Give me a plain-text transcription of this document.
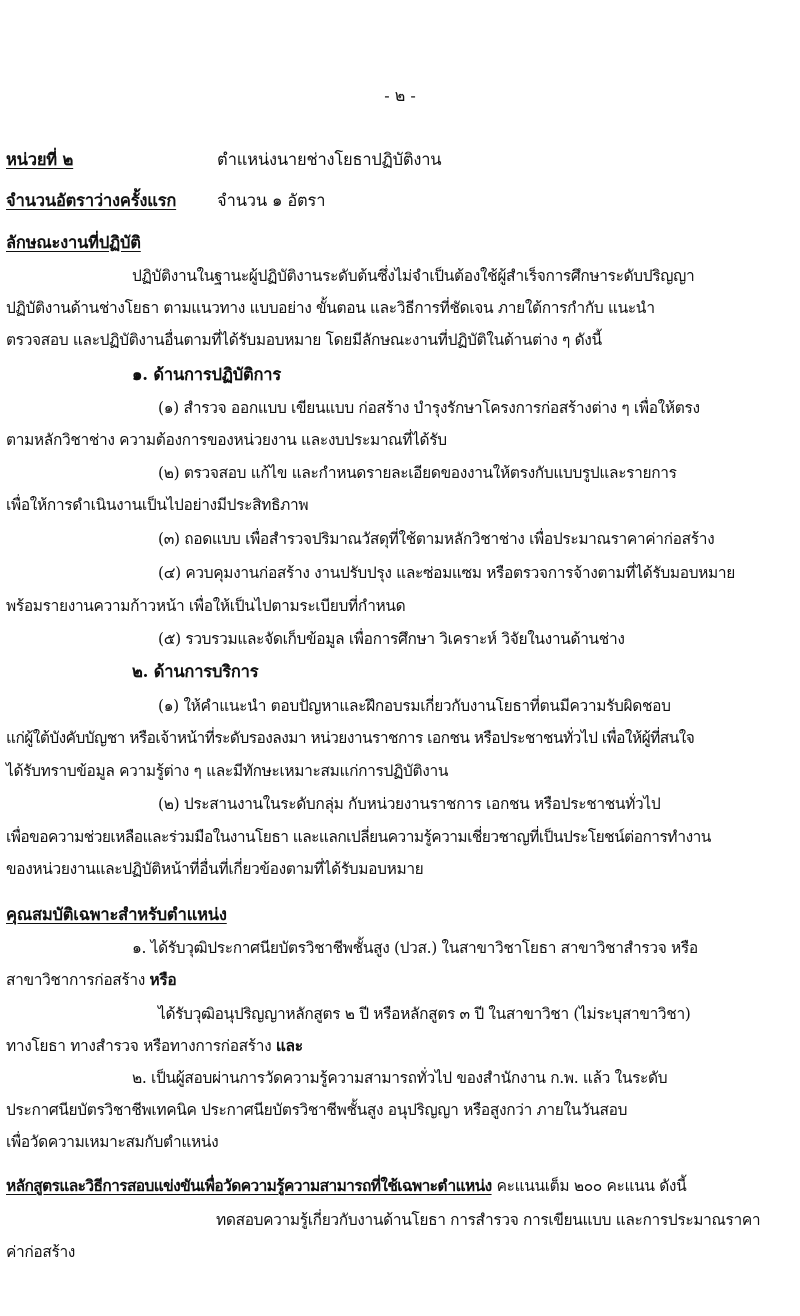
- ๒ -
หน่วยที่ ๒	ตำแหน่งนายช่างโยธาปฏิบัติงาน
จำนวนอัตราว่างครั้งแรก จำนวน ๑ อัตรา
ลักษณะงานที่ปฏิบัติ
ปฏิบัติงานในฐานะผู้ปฏิบัติงานระดับต้นซึ่งไม่จำเป็นต้องใช้ผู้สำเร็จการศึกษาระดับปริญญา
ปฏิบัติงานด้านช่างโยธา ตามแนวทาง แบบอย่าง ขั้นตอน และวิธีการที่ชัดเจน ภายใต้การกำกับ แนะนำ
ตรวจสอบ และปฏิบัติงานอื่นตามที่ได้รับมอบหมาย โดยมีลักษณะงานที่ปฏิบัติในด้านต่าง ๆ ดังนี้
๑. ด้านการปฏิบัติการ
(๑) สำรวจ ออกแบบ เขียนแบบ ก่อสร้าง บำรุงรักษาโครงการก่อสร้างต่าง ๆ เพื่อให้ตรง
ตามหลักวิชาช่าง ความต้องการของหน่วยงาน และงบประมาณที่ได้รับ
(๒) ตรวจสอบ แก้ไข และกำหนดรายละเอียดของงานให้ตรงกับแบบรูปและรายการ
เพื่อให้การดำเนินงานเป็นไปอย่างมีประสิทธิภาพ
(๓) ถอดแบบ เพื่อสำรวจปริมาณวัสดุที่ใช้ตามหลักวิชาช่าง เพื่อประมาณราคาค่าก่อสร้าง
(๔) ควบคุมงานก่อสร้าง งานปรับปรุง และซ่อมแซม หรือตรวจการจ้างตามที่ได้รับมอบหมาย
พร้อมรายงานความก้าวหน้า เพื่อให้เป็นไปตามระเบียบที่กำหนด
(๕) รวบรวมและจัดเก็บข้อมูล เพื่อการศึกษา วิเคราะห์ วิจัยในงานด้านช่าง
๒. ด้านการบริการ
(๑) ให้คำแนะนำ ตอบปัญหาและฝึกอบรมเกี่ยวกับงานโยธาที่ตนมีความรับผิดชอบ
แก่ผู้ใต้บังคับบัญชา หรือเจ้าหน้าที่ระดับรองลงมา หน่วยงานราชการ เอกชน หรือประชาชนทั่วไป เพื่อให้ผู้ที่สนใจ
ได้รับทราบข้อมูล ความรู้ต่าง ๆ และมีทักษะเหมาะสมแก่การปฏิบัติงาน
(๒) ประสานงานในระดับกลุ่ม กับหน่วยงานราชการ เอกชน หรือประชาชนทั่วไป
เพื่อขอความช่วยเหลือและร่วมมือในงานโยธา และแลกเปลี่ยนความรู้ความเชี่ยวชาญที่เป็นประโยชน์ต่อการทำงาน
ของหน่วยงานและปฏิบัติหน้าที่อื่นที่เกี่ยวข้องตามที่ได้รับมอบหมาย
คุณสมบัติเฉพาะสำหรับตำแหน่ง
๑. ได้รับวุฒิประกาศนียบัตรวิชาชีพชั้นสูง (ปวส.) ในสาขาวิชาโยธา สาขาวิชาสำรวจ หรือ
สาขาวิชาการก่อสร้าง หรือ
ได้รับวุฒิอนุปริญญาหลักสูตร ๒ ปี หรือหลักสูตร ๓ ปี ในสาขาวิชา (ไม่ระบุสาขาวิชา)
ทางโยธา ทางสำรวจ หรือทางการก่อสร้าง และ
๒. เป็นผู้สอบผ่านการวัดความรู้ความสามารถทั่วไป ของสำนักงาน ก.พ. แล้ว ในระดับ
ประกาศนียบัตรวิชาชีพเทคนิค ประกาศนียบัตรวิชาชีพชั้นสูง อนุปริญญา หรือสูงกว่า ภายในวันสอบ
เพื่อวัดความเหมาะสมกับตำแหน่ง
หลักสูตรและวิธีการสอบแข่งขันเพื่อวัดความรู้ความสามารถที่ใช้เฉพาะตำแหน่ง คะแนนเต็ม ๒๐๐ คะแนน ดังนี้
ทดสอบความรู้เกี่ยวกับงานด้านโยธา การสำรวจ การเขียนแบบ และการประมาณราคา
ค่าก่อสร้าง
